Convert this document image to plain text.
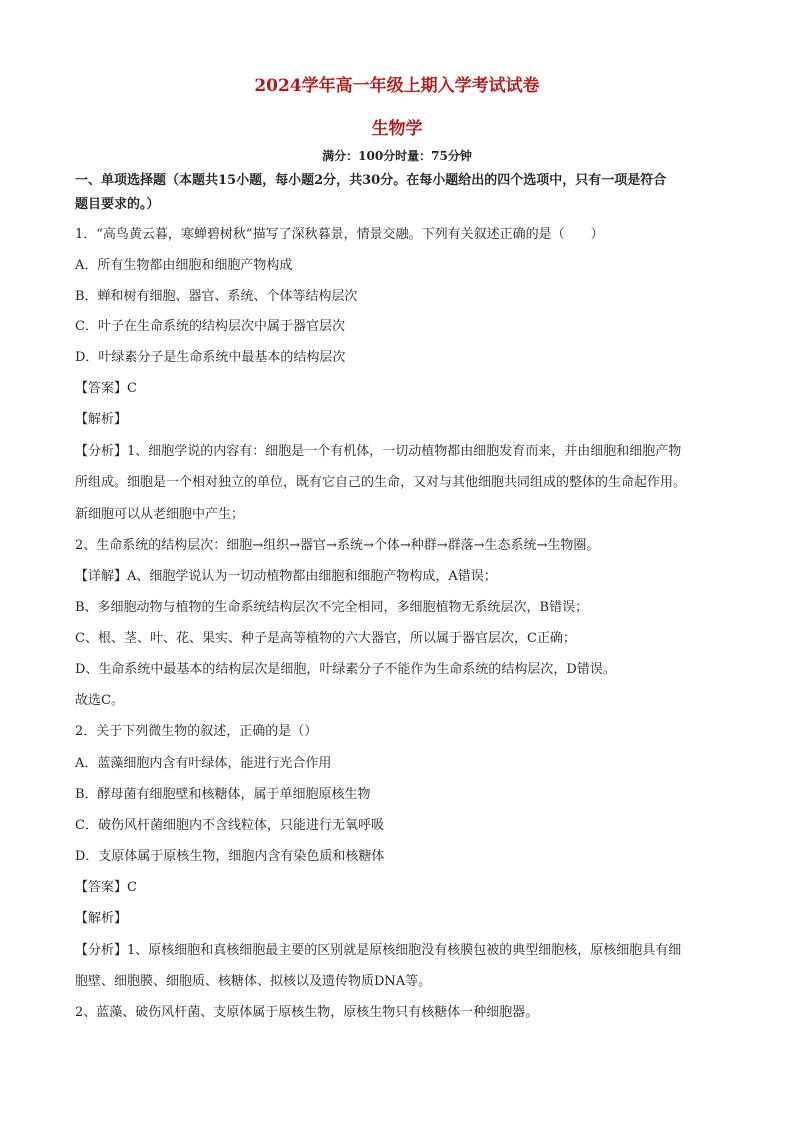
2024学年高一年级上期入学考试试卷
生物学
满分：100分时量：75分钟
一、单项选择题（本题共15小题，每小题2分，共30分。在每小题给出的四个选项中，只有一项是符合
题目要求的。）
1．“高鸟黄云暮，寒蝉碧树秋”描写了深秋暮景，情景交融。下列有关叙述正确的是（　　）
A．所有生物都由细胞和细胞产物构成
B．蝉和树有细胞、器官、系统、个体等结构层次
C．叶子在生命系统的结构层次中属于器官层次
D．叶绿素分子是生命系统中最基本的结构层次
【答案】C
【解析】
【分析】1、细胞学说的内容有：细胞是一个有机体，一切动植物都由细胞发育而来，并由细胞和细胞产物
所组成。细胞是一个相对独立的单位，既有它自己的生命，又对与其他细胞共同组成的整体的生命起作用。
新细胞可以从老细胞中产生；
2、生命系统的结构层次：细胞→组织→器官→系统→个体→种群→群落→生态系统→生物圈。
【详解】A、细胞学说认为一切动植物都由细胞和细胞产物构成，A错误；
B、多细胞动物与植物的生命系统结构层次不完全相同，多细胞植物无系统层次，B错误；
C、根、茎、叶、花、果实、种子是高等植物的六大器官，所以属于器官层次，C正确；
D、生命系统中最基本的结构层次是细胞，叶绿素分子不能作为生命系统的结构层次，D错误。
故选C。
2．关于下列微生物的叙述，正确的是（）
A．蓝藻细胞内含有叶绿体，能进行光合作用
B．酵母菌有细胞壁和核糖体，属于单细胞原核生物
C．破伤风杆菌细胞内不含线粒体，只能进行无氧呼吸
D．支原体属于原核生物，细胞内含有染色质和核糖体
【答案】C
【解析】
【分析】1、原核细胞和真核细胞最主要的区别就是原核细胞没有核膜包被的典型细胞核，原核细胞具有细
胞壁、细胞膜、细胞质、核糖体、拟核以及遗传物质DNA等。
2、蓝藻、破伤风杆菌、支原体属于原核生物，原核生物只有核糖体一种细胞器。
